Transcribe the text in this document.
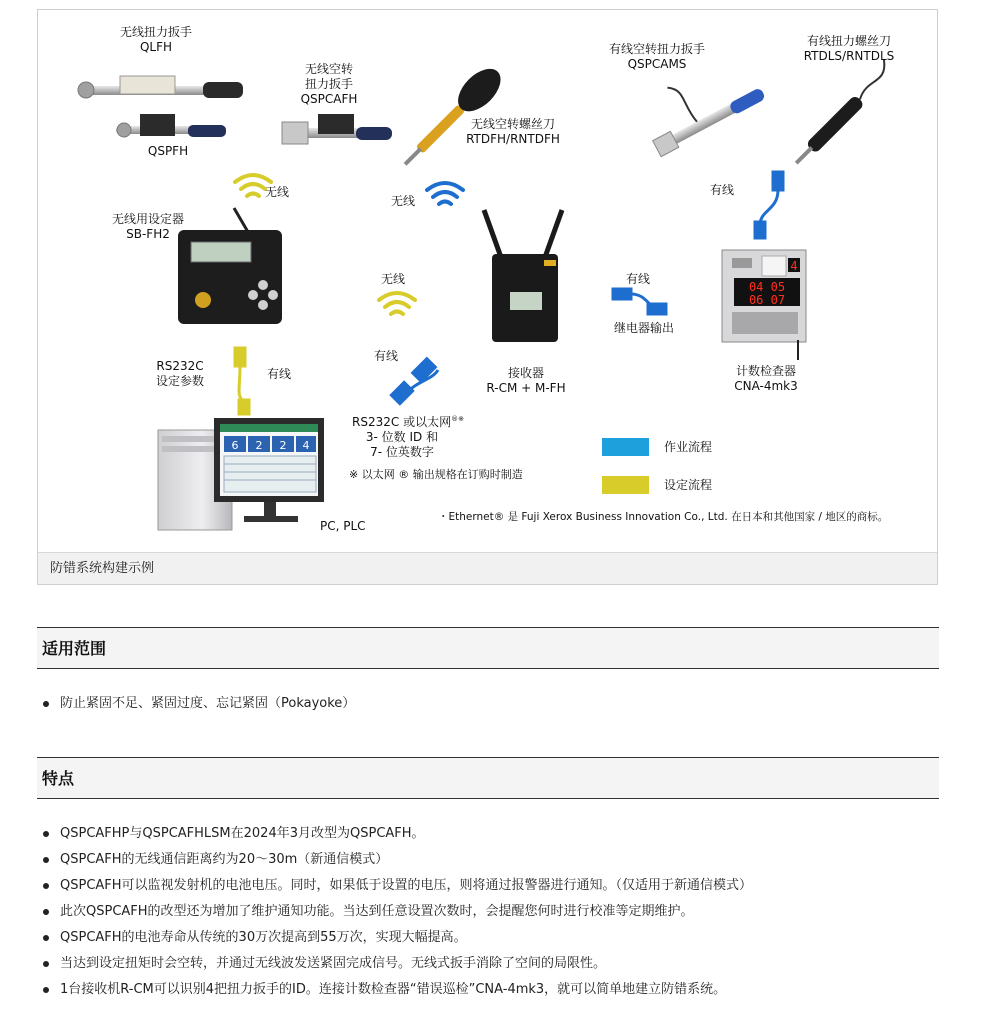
4
04 05
06 07
6 2 2 4
无线扭力扳手
QLFH
QSPFH
无线空转
扭力扳手
QSPCAFH
无线空转螺丝刀
RTDFH/RNTDFH
有线空转扭力扳手
QSPCAMS
有线扭力螺丝刀
RTDLS/RNTDLS
无线
无线
无线
有线
有线
有线
有线
无线用设定器
SB-FH2
继电器输出
接收器
R-CM + M-FH
计数检查器
CNA-4mk3
RS232C
设定参数
RS232C 或以太网®※
3- 位数 ID 和
7- 位英数字
※ 以太网 ® 输出规格在订购时制造
PC, PLC
作业流程
设定流程
・Ethernet® 是 Fuji Xerox Business Innovation Co., Ltd. 在日本和其他国家 / 地区的商标。
防错系统构建示例
适用范围
防止紧固不足、紧固过度、忘记紧固（Pokayoke）
特点
QSPCAFHP与QSPCAFHLSM在2024年3月改型为QSPCAFH。
QSPCAFH的无线通信距离约为20～30m（新通信模式）
QSPCAFH可以监视发射机的电池电压。同时，如果低于设置的电压，则将通过报警器进行通知。（仅适用于新通信模式）
此次QSPCAFH的改型还为增加了维护通知功能。当达到任意设置次数时，会提醒您何时进行校准等定期维护。
QSPCAFH的电池寿命从传统的30万次提高到55万次，实现大幅提高。
当达到设定扭矩时会空转，并通过无线波发送紧固完成信号。无线式扳手消除了空间的局限性。
1台接收机R-CM可以识别4把扭力扳手的ID。连接计数检查器“错误巡检”CNA-4mk3，就可以简单地建立防错系统。
